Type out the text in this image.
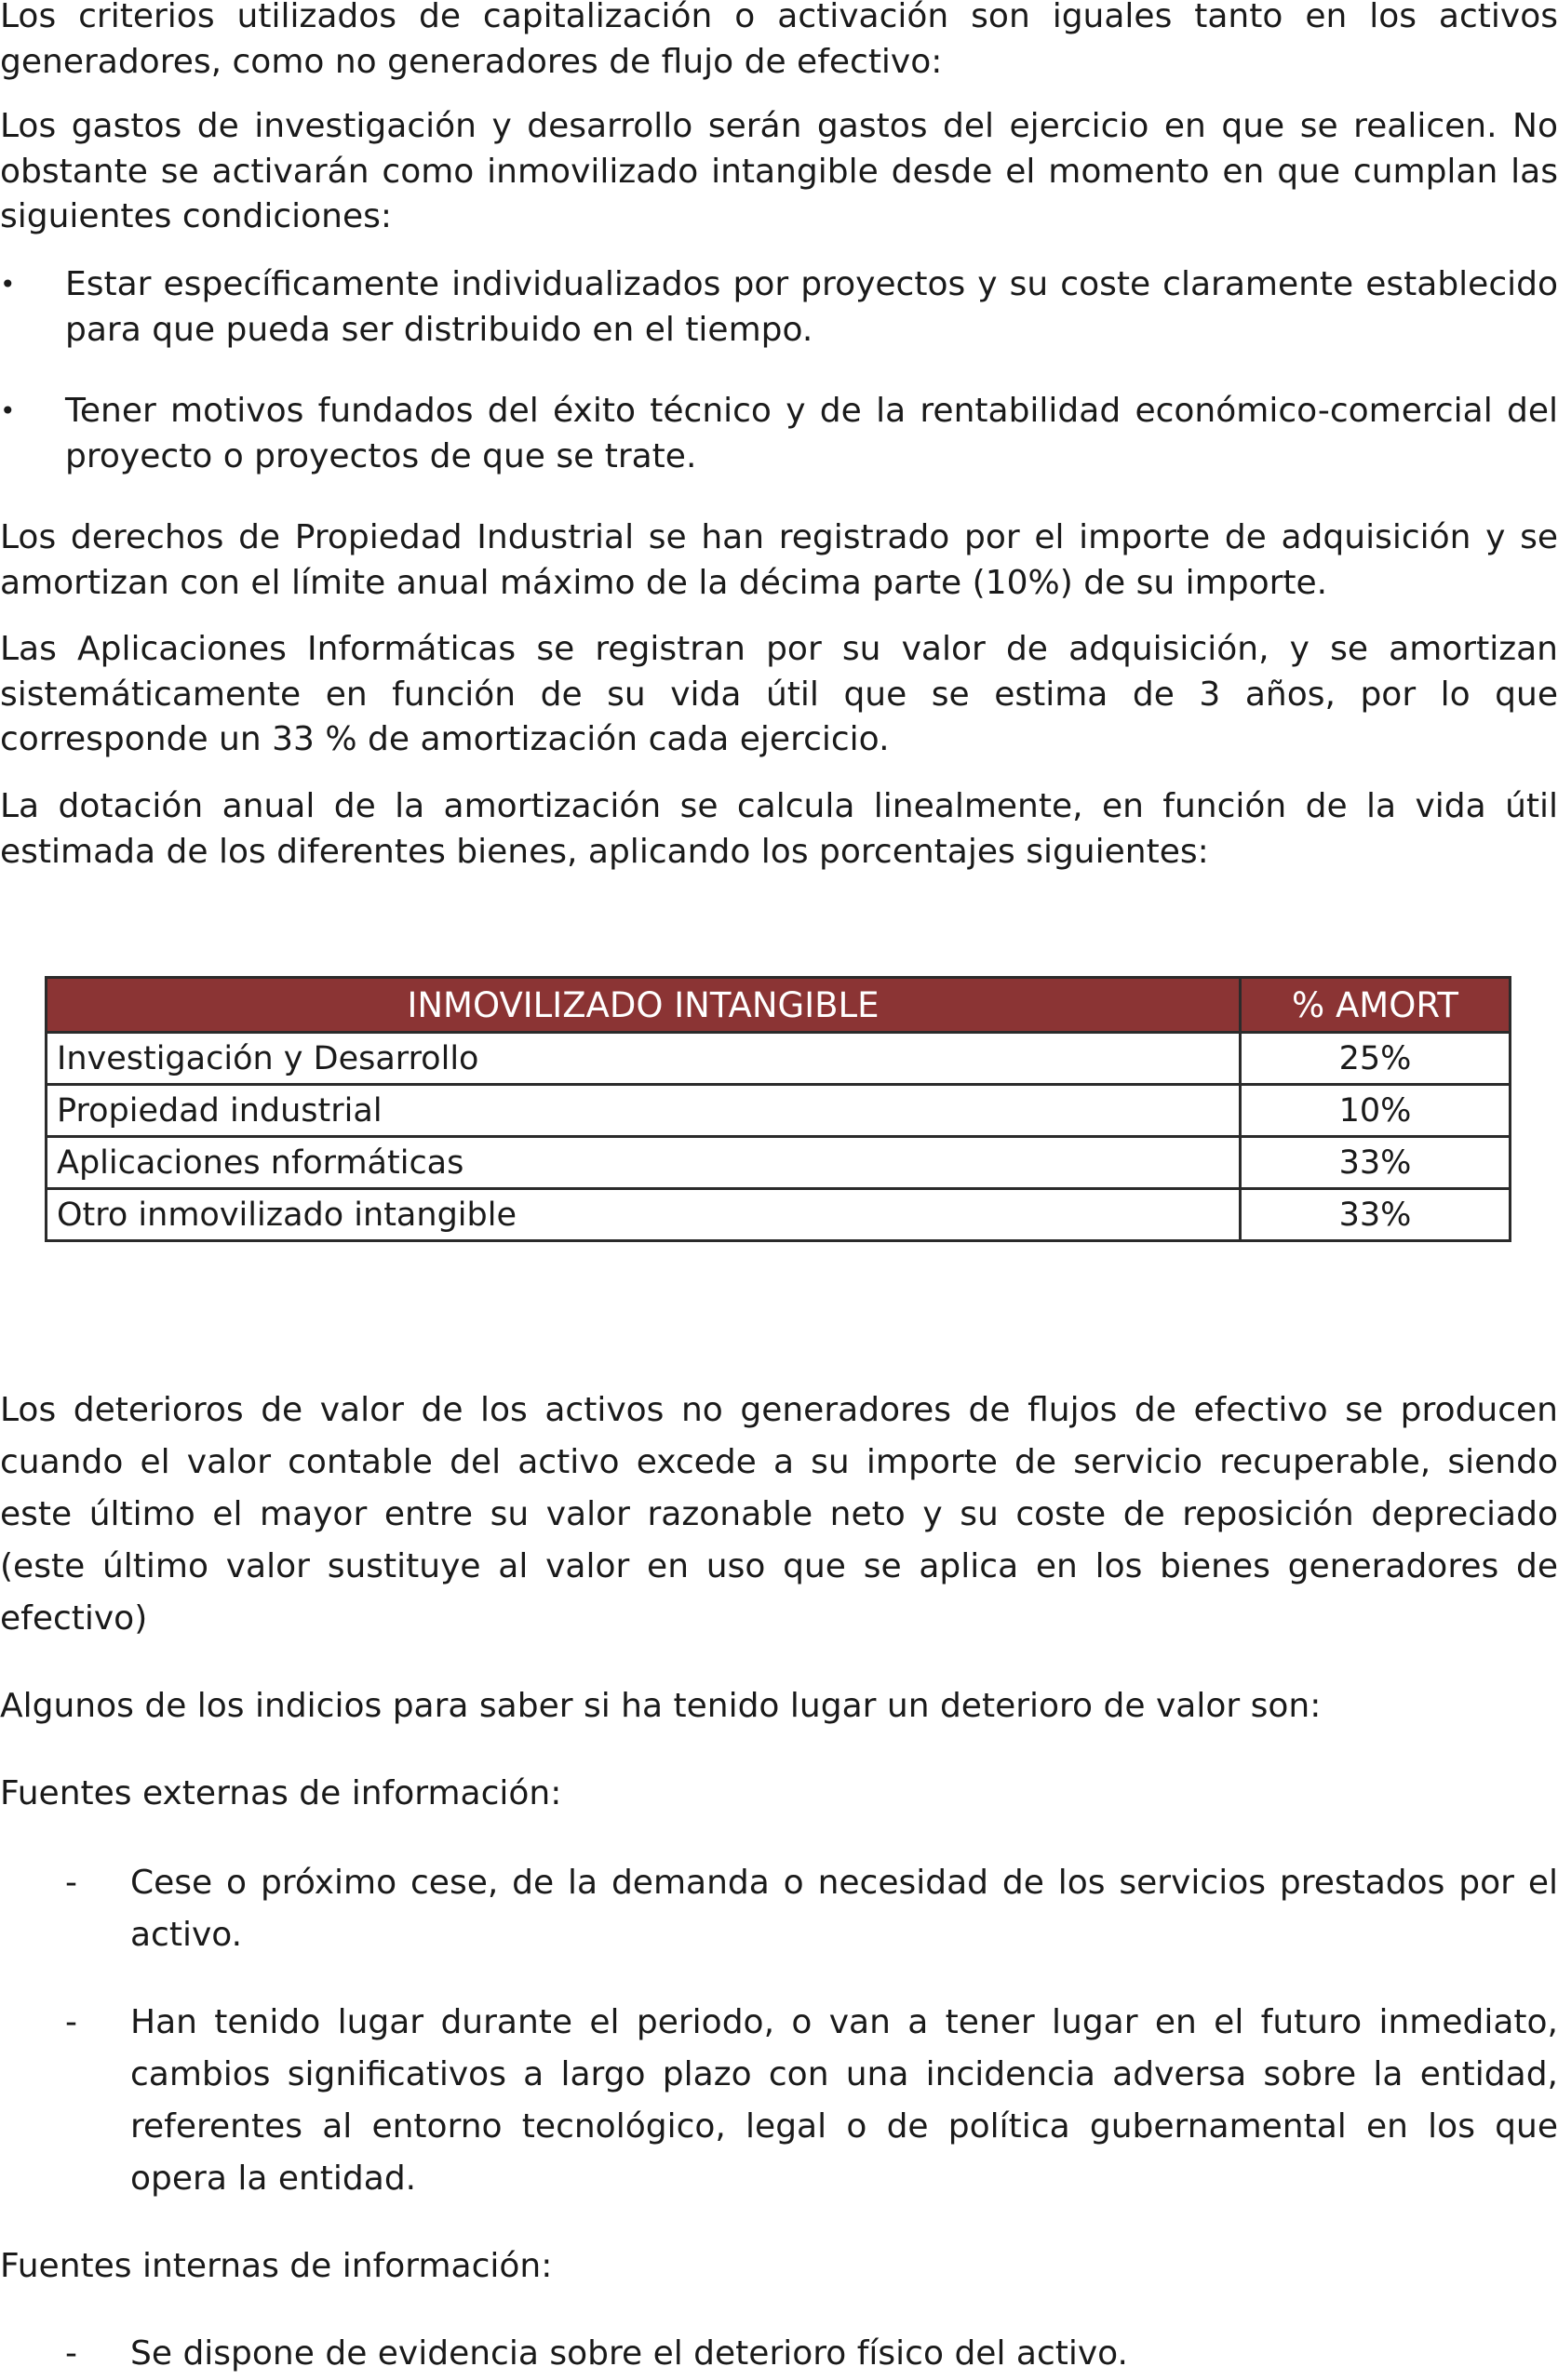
Los criterios utilizados de capitalización o activación son iguales tanto en los activos generadores, como no generadores de flujo de efectivo:

Los gastos de investigación y desarrollo serán gastos del ejercicio en que se realicen. No obstante se activarán como inmovilizado intangible desde el momento en que cumplan las siguientes condiciones:

•	Estar específicamente individualizados por proyectos y su coste claramente establecido para que pueda ser distribuido en el tiempo.

•	Tener motivos fundados del éxito técnico y de la rentabilidad económico-comercial del proyecto o proyectos de que se trate.

Los derechos de Propiedad Industrial se han registrado por el importe de adquisición y se amortizan con el límite anual máximo de la décima parte (10%) de su importe.

Las Aplicaciones Informáticas se registran por su valor de adquisición, y se amortizan sistemáticamente en función de su vida útil que se estima de 3 años, por lo que corresponde un 33 % de amortización cada ejercicio.

La dotación anual de la amortización se calcula linealmente, en función de la vida útil estimada de los diferentes bienes, aplicando los porcentajes siguientes:

INMOVILIZADO INTANGIBLE	% AMORT
Investigación y Desarrollo	25%
Propiedad industrial	10%
Aplicaciones nformáticas	33%
Otro inmovilizado intangible	33%

Los deterioros de valor de los activos no generadores de flujos de efectivo se producen cuando el valor contable del activo excede a su importe de servicio recuperable, siendo este último el mayor entre su valor razonable neto y su coste de reposición depreciado (este último valor sustituye al valor en uso que se aplica en los bienes generadores de efectivo)

Algunos de los indicios para saber si ha tenido lugar un deterioro de valor son:

Fuentes externas de información:

- Cese o próximo cese, de la demanda o necesidad de los servicios prestados por el activo.

- Han tenido lugar durante el periodo, o van a tener lugar en el futuro inmediato, cambios significativos a largo plazo con una incidencia adversa sobre la entidad, referentes al entorno tecnológico, legal o de política gubernamental en los que opera la entidad.

Fuentes internas de información:

- Se dispone de evidencia sobre el deterioro físico del activo.
